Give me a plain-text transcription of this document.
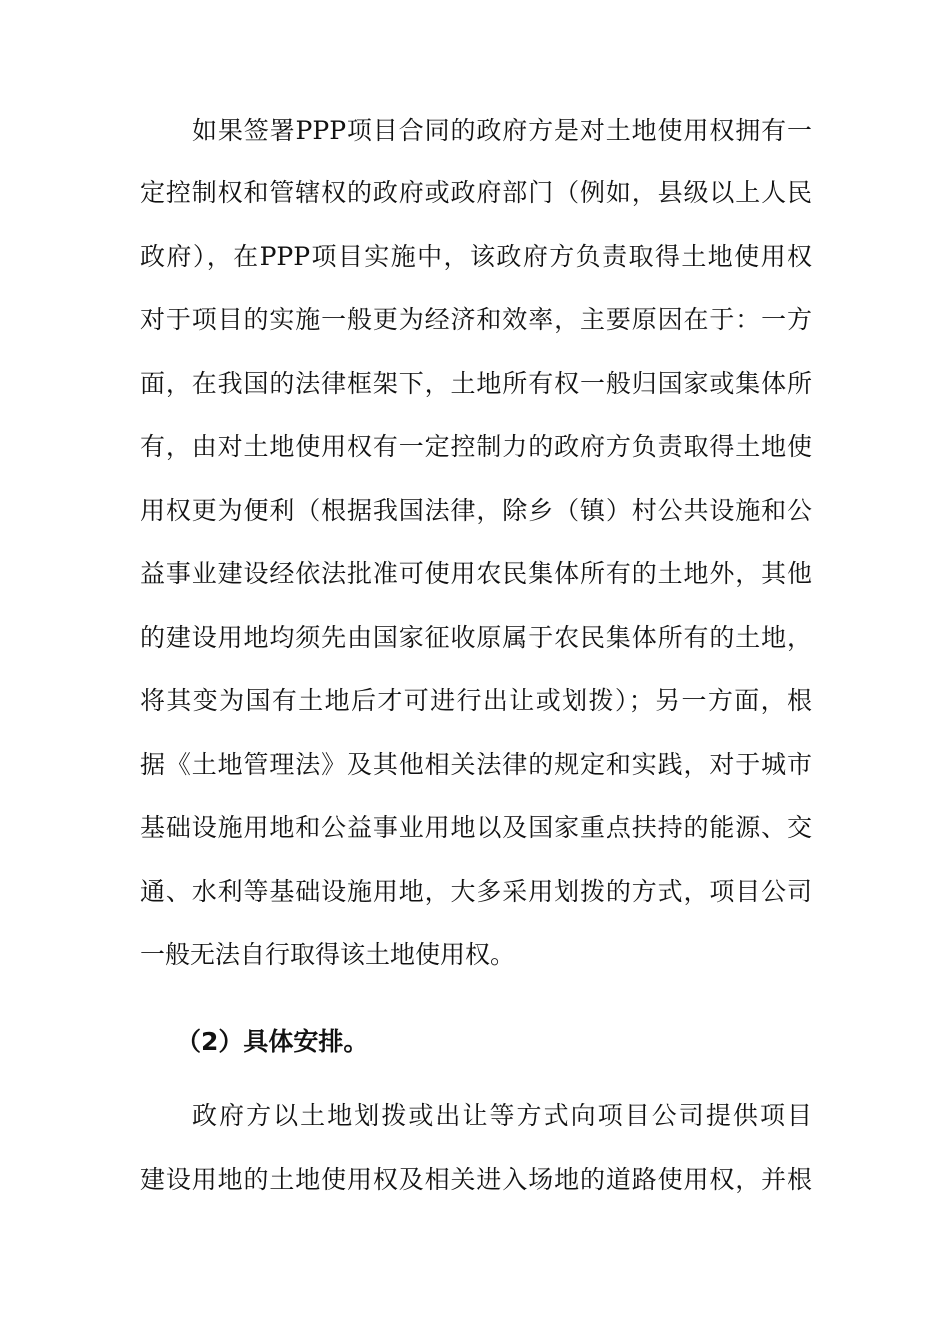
如果签署PPP项目合同的政府方是对土地使用权拥有一
定控制权和管辖权的政府或政府部门（例如，县级以上人民
政府），在PPP项目实施中，该政府方负责取得土地使用权
对于项目的实施一般更为经济和效率，主要原因在于：一方
面，在我国的法律框架下，土地所有权一般归国家或集体所
有，由对土地使用权有一定控制力的政府方负责取得土地使
用权更为便利（根据我国法律，除乡（镇）村公共设施和公
益事业建设经依法批准可使用农民集体所有的土地外，其他
的建设用地均须先由国家征收原属于农民集体所有的土地，
将其变为国有土地后才可进行出让或划拨）；另一方面，根
据《土地管理法》及其他相关法律的规定和实践，对于城市
基础设施用地和公益事业用地以及国家重点扶持的能源、交
通、水利等基础设施用地，大多采用划拨的方式，项目公司
一般无法自行取得该土地使用权。
（2）具体安排。
政府方以土地划拨或出让等方式向项目公司提供项目
建设用地的土地使用权及相关进入场地的道路使用权，并根
